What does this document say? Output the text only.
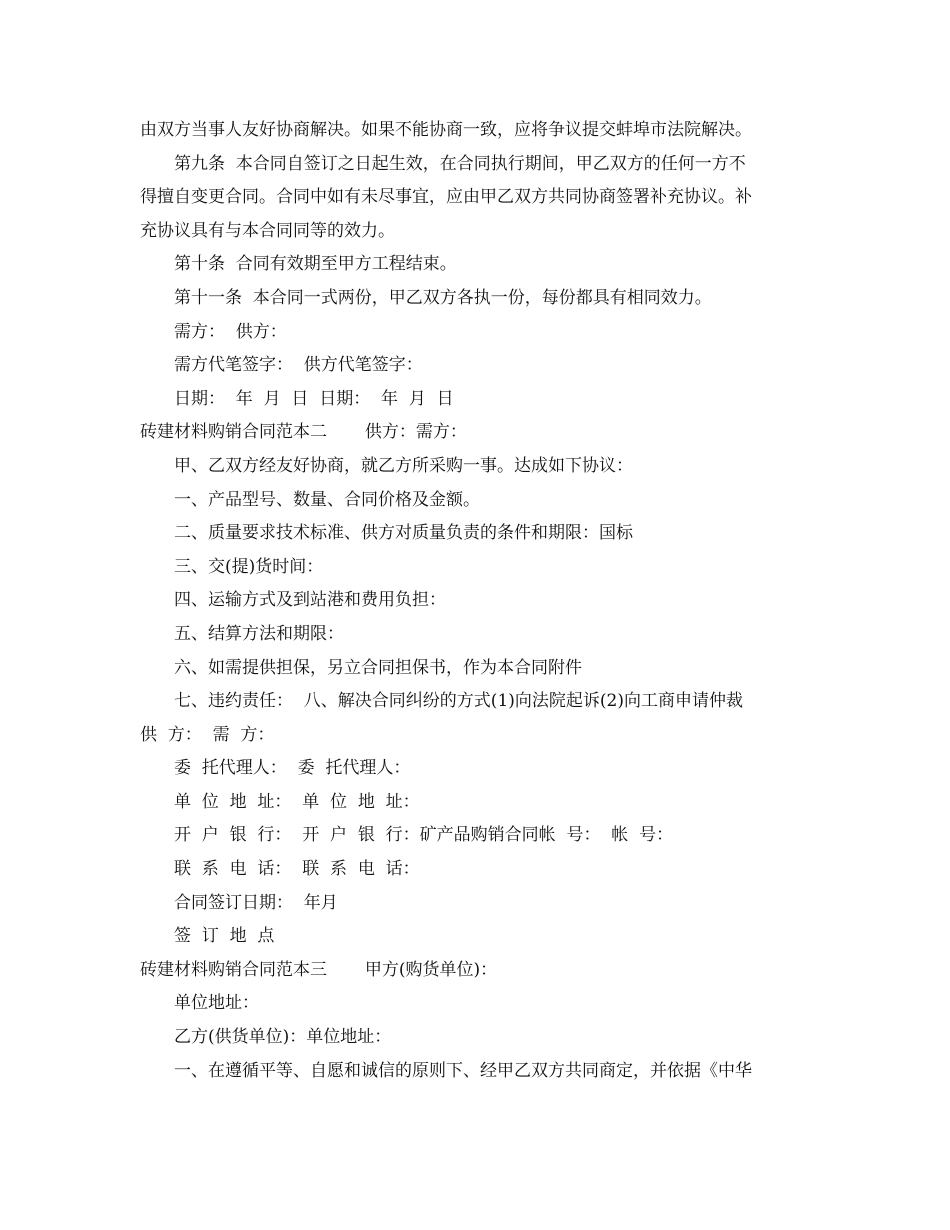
由双方当事人友好协商解决。如果不能协商一致，应将争议提交蚌埠市法院解决。
第九条  本合同自签订之日起生效，在合同执行期间，甲乙双方的任何一方不
得擅自变更合同。合同中如有未尽事宜，应由甲乙双方共同协商签署补充协议。补
充协议具有与本合同同等的效力。
第十条  合同有效期至甲方工程结束。
第十一条  本合同一式两份，甲乙双方各执一份，每份都具有相同效力。
需方：  供方：
需方代笔签字：  供方代笔签字：
日期：  年  月  日  日期：  年  月  日
砖建材料购销合同范本二       供方：需方：
甲、乙双方经友好协商，就乙方所采购一事。达成如下协议：
一、产品型号、数量、合同价格及金额。
二、质量要求技术标准、供方对质量负责的条件和期限：国标
三、交(提)货时间：
四、运输方式及到站港和费用负担：
五、结算方法和期限：
六、如需提供担保，另立合同担保书，作为本合同附件
七、违约责任：  八、解决合同纠纷的方式(1)向法院起诉(2)向工商申请仲裁
供  方：  需  方：
委  托代理人：  委  托代理人：
单  位  地  址：  单  位  地  址：
开  户  银  行：  开  户  银  行：矿产品购销合同帐  号：  帐  号：
联  系  电  话：  联  系  电  话：
合同签订日期：  年月
签  订  地  点
砖建材料购销合同范本三       甲方(购货单位)：
单位地址：
乙方(供货单位)：单位地址：
一、在遵循平等、自愿和诚信的原则下、经甲乙双方共同商定，并依据《中华
